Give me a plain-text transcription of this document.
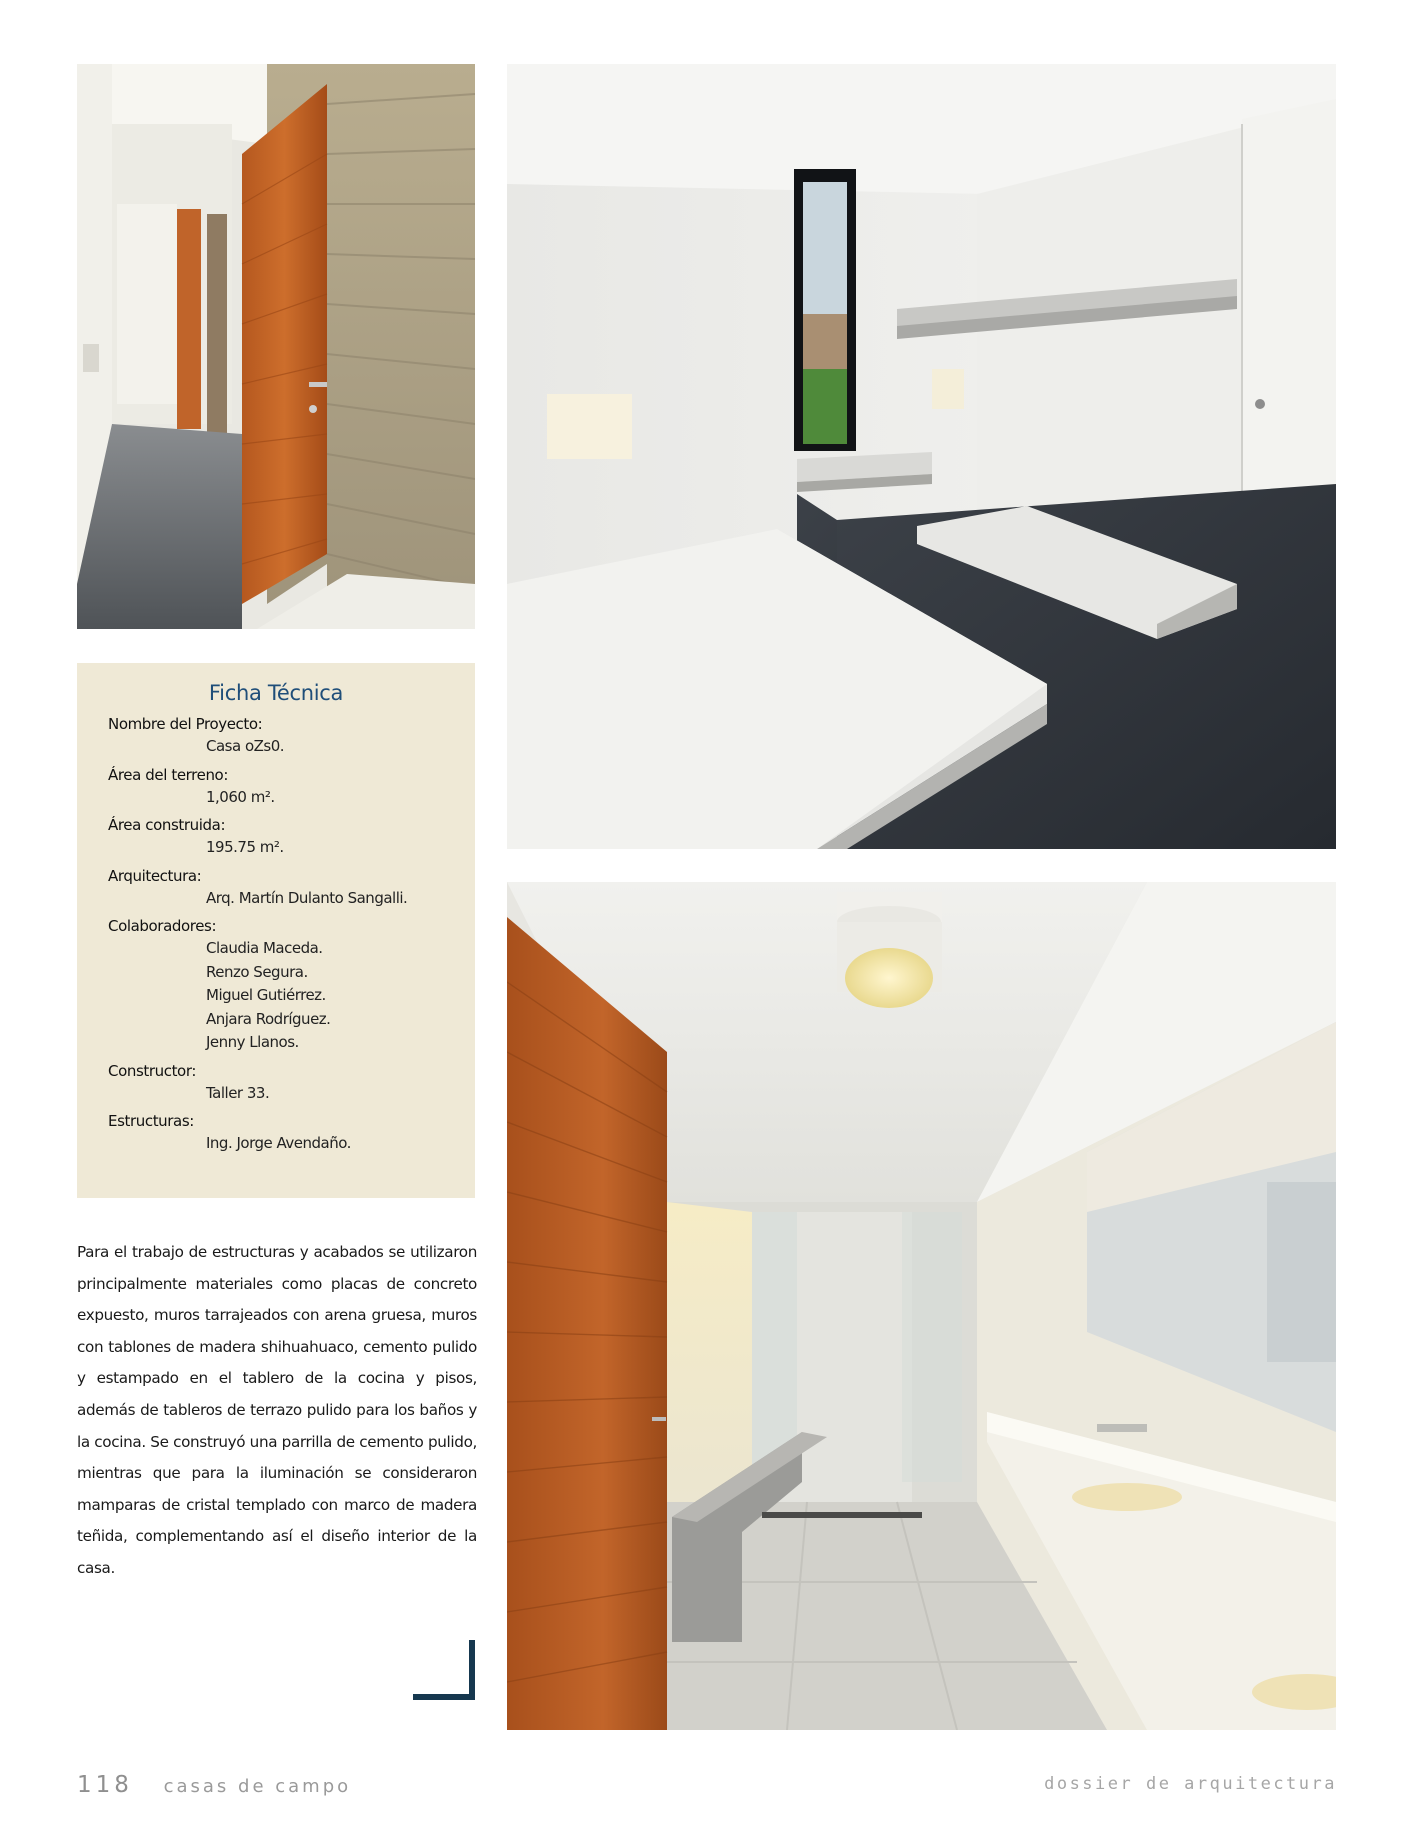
Ficha Técnica
Nombre del Proyecto:
Casa oZs0.
Área del terreno:
1,060 m².
Área construida:
195.75 m².
Arquitectura:
Arq. Martín Dulanto Sangalli.
Colaboradores:
Claudia Maceda.
Renzo Segura.
Miguel Gutiérrez.
Anjara Rodríguez.
Jenny Llanos.
Constructor:
Taller 33.
Estructuras:
Ing. Jorge Avendaño.

Para el trabajo de estructuras y acabados se utilizaron principalmente materiales como placas de concreto expuesto, muros tarrajeados con arena gruesa, muros con tablones de madera shihuahuaco, cemento pulido y estampado en el tablero de la cocina y pisos, además de tableros de terrazo pulido para los baños y la cocina. Se construyó una parrilla de cemento pulido, mientras que para la iluminación se consideraron mamparas de cristal templado con marco de madera teñida, complementando así el diseño interior de la casa.

118 casas de campo	dossier de arquitectura
